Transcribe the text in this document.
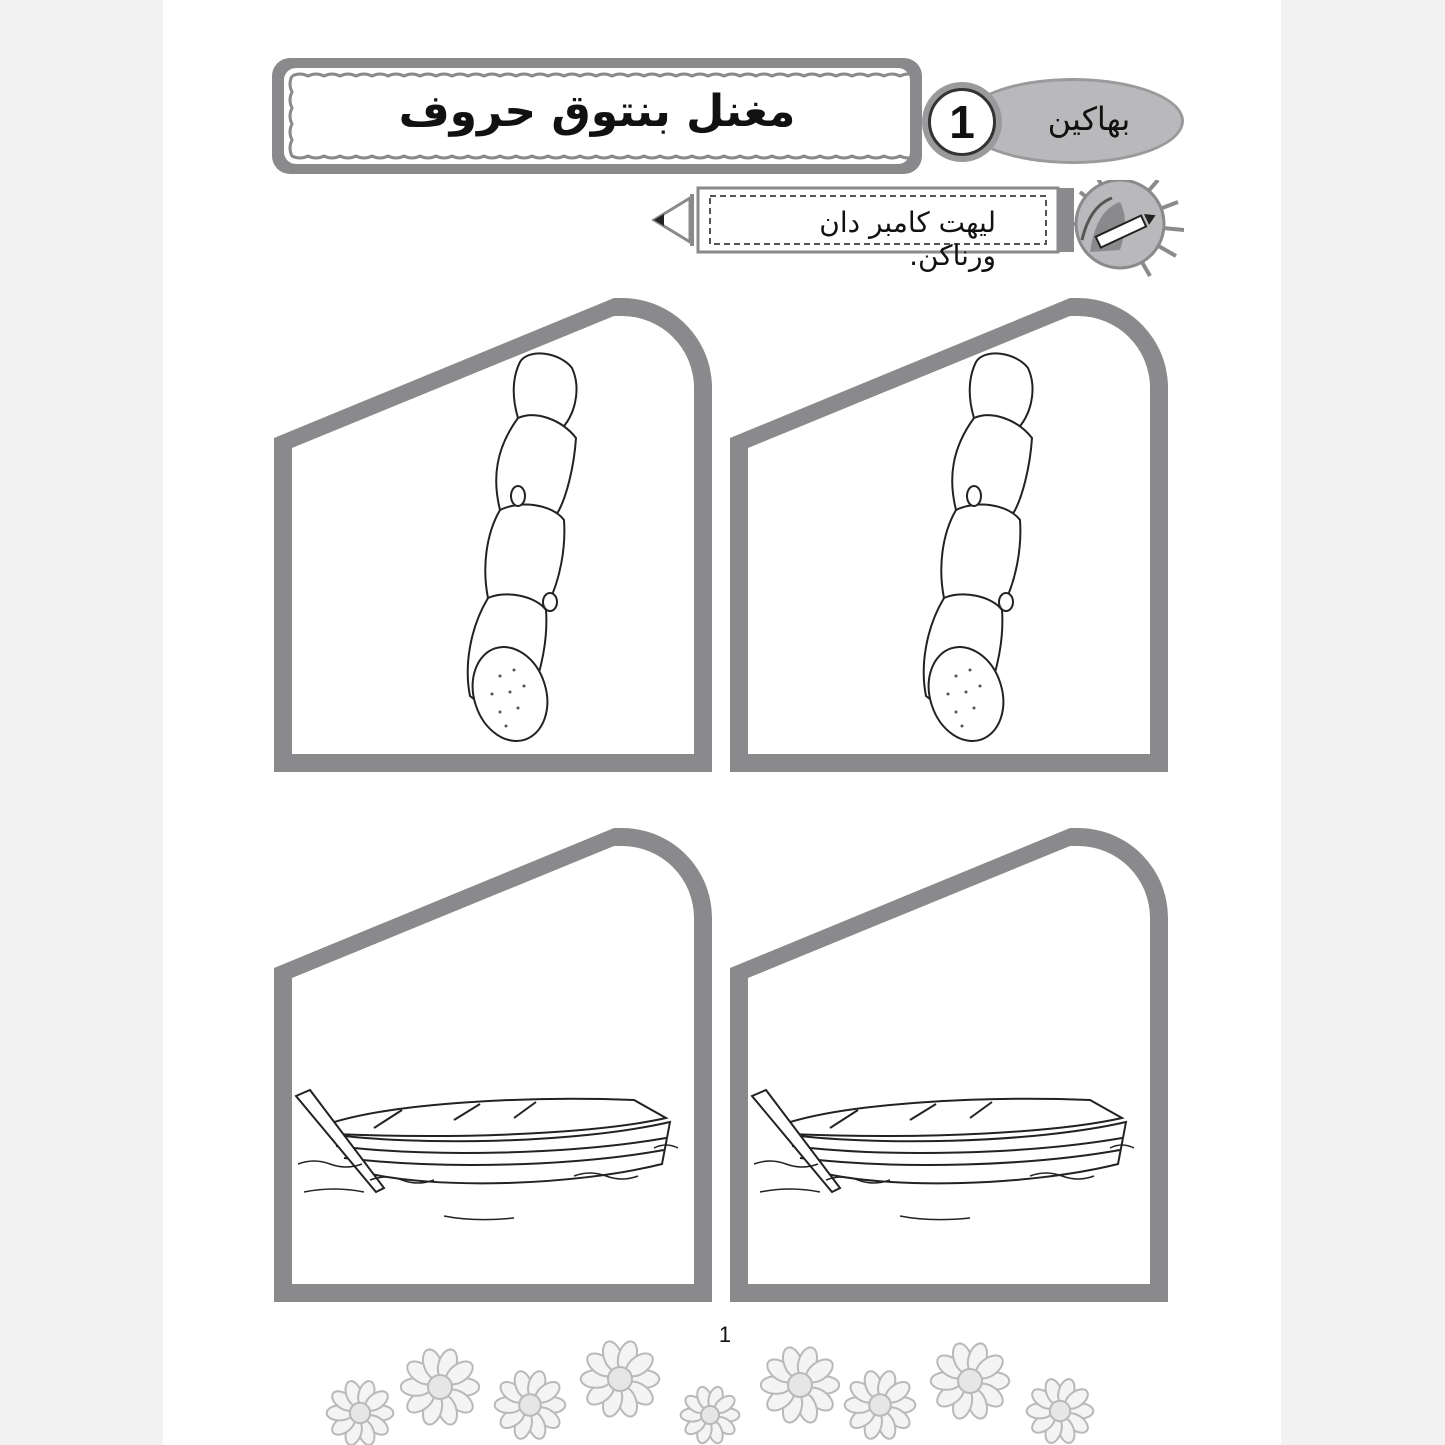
مغنل بنتوق حروف	بهاکين
1
ليهت کامبر دان ورناکن.
1
